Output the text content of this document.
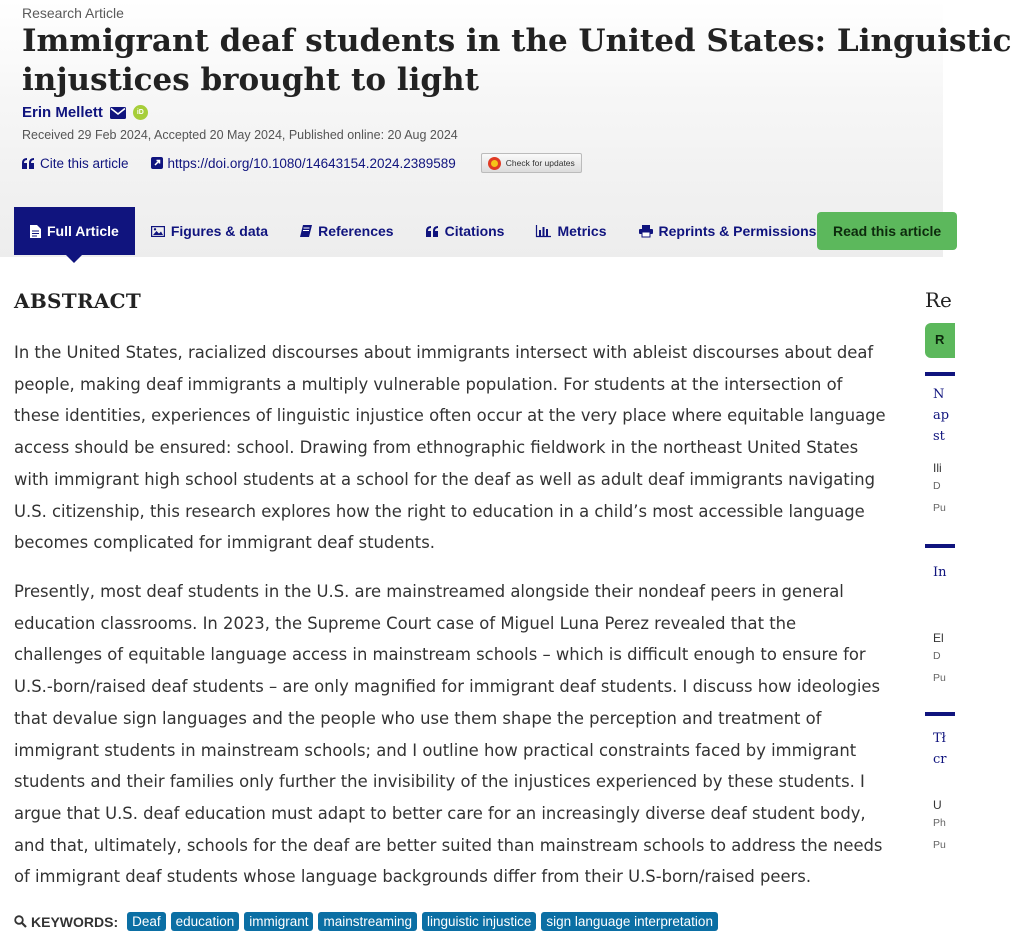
Research Article
Immigrant deaf students in the United States: Linguistic
injustices brought to light
Erin Mellett	iD
Received 29 Feb 2024, Accepted 20 May 2024, Published online: 20 Aug 2024
Cite this article	https://doi.org/10.1080/14643154.2024.2389589	Check for updates
Full Article	Figures & data	References	Citations	Metrics	Reprints & Permissions	Read this article
ABSTRACT
In the United States, racialized discourses about immigrants intersect with ableist discourses about deaf
people, making deaf immigrants a multiply vulnerable population. For students at the intersection of
these identities, experiences of linguistic injustice often occur at the very place where equitable language
access should be ensured: school. Drawing from ethnographic fieldwork in the northeast United States
with immigrant high school students at a school for the deaf as well as adult deaf immigrants navigating
U.S. citizenship, this research explores how the right to education in a child’s most accessible language
becomes complicated for immigrant deaf students.
Presently, most deaf students in the U.S. are mainstreamed alongside their nondeaf peers in general
education classrooms. In 2023, the Supreme Court case of Miguel Luna Perez revealed that the
challenges of equitable language access in mainstream schools – which is difficult enough to ensure for
U.S.-born/raised deaf students – are only magnified for immigrant deaf students. I discuss how ideologies
that devalue sign languages and the people who use them shape the perception and treatment of
immigrant students in mainstream schools; and I outline how practical constraints faced by immigrant
students and their families only further the invisibility of the injustices experienced by these students. I
argue that U.S. deaf education must adapt to better care for an increasingly diverse deaf student body,
and that, ultimately, schools for the deaf are better suited than mainstream schools to address the needs
of immigrant deaf students whose language backgrounds differ from their U.S-born/raised peers.
KEYWORDS:	Deaf	education	immigrant	mainstreaming	linguistic injustice	sign language interpretation
Re
R
N
ap
st
Ili
D
Pu
In
El
D
Pu
Tł
cr
U
Ph
Pu
